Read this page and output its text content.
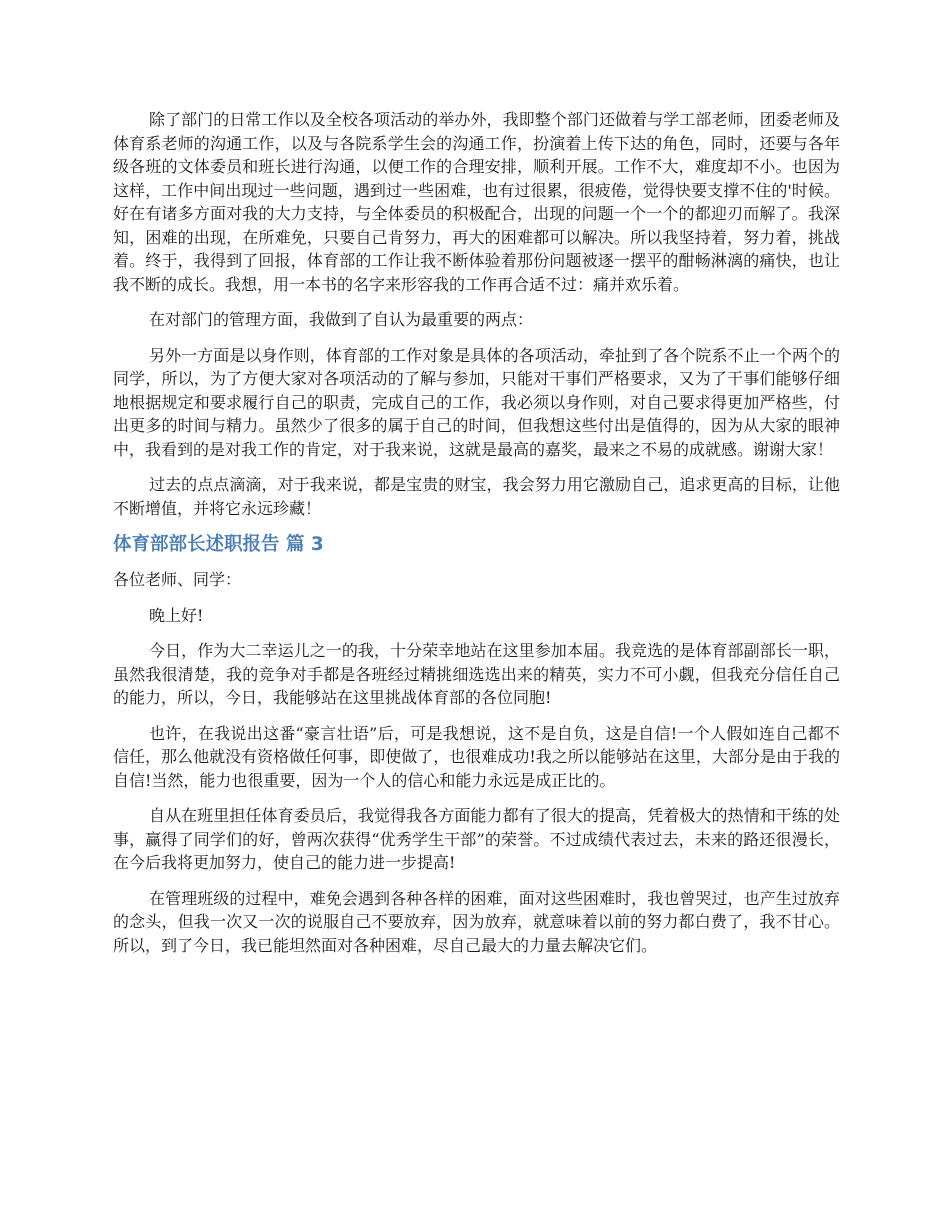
除了部门的日常工作以及全校各项活动的举办外，我即整个部门还做着与学工部老师，团委老师及体育系老师的沟通工作，以及与各院系学生会的沟通工作，扮演着上传下达的角色，同时，还要与各年级各班的文体委员和班长进行沟通，以便工作的合理安排，顺利开展。工作不大，难度却不小。也因为这样，工作中间出现过一些问题，遇到过一些困难，也有过很累，很疲倦，觉得快要支撑不住的'时候。好在有诸多方面对我的大力支持，与全体委员的积极配合，出现的问题一个一个的都迎刃而解了。我深知，困难的出现，在所难免，只要自己肯努力，再大的困难都可以解决。所以我坚持着，努力着，挑战着。终于，我得到了回报，体育部的工作让我不断体验着那份问题被逐一摆平的酣畅淋漓的痛快，也让我不断的成长。我想，用一本书的名字来形容我的工作再合适不过：痛并欢乐着。

在对部门的管理方面，我做到了自认为最重要的两点：

另外一方面是以身作则，体育部的工作对象是具体的各项活动，牵扯到了各个院系不止一个两个的同学，所以，为了方便大家对各项活动的了解与参加，只能对干事们严格要求，又为了干事们能够仔细地根据规定和要求履行自己的职责，完成自己的工作，我必须以身作则，对自己要求得更加严格些，付出更多的时间与精力。虽然少了很多的属于自己的时间，但我想这些付出是值得的，因为从大家的眼神中，我看到的是对我工作的肯定，对于我来说，这就是最高的嘉奖，最来之不易的成就感。谢谢大家！

过去的点点滴滴，对于我来说，都是宝贵的财宝，我会努力用它激励自己，追求更高的目标，让他不断增值，并将它永远珍藏！

体育部部长述职报告 篇 3

各位老师、同学：

晚上好!

今日，作为大二幸运儿之一的我，十分荣幸地站在这里参加本届。我竞选的是体育部副部长一职，虽然我很清楚，我的竞争对手都是各班经过精挑细选选出来的精英，实力不可小觑，但我充分信任自己的能力，所以，今日，我能够站在这里挑战体育部的各位同胞!

也许，在我说出这番“豪言壮语”后，可是我想说，这不是自负，这是自信!一个人假如连自己都不信任，那么他就没有资格做任何事，即使做了，也很难成功!我之所以能够站在这里，大部分是由于我的自信!当然，能力也很重要，因为一个人的信心和能力永远是成正比的。

自从在班里担任体育委员后，我觉得我各方面能力都有了很大的提高，凭着极大的热情和干练的处事，赢得了同学们的好，曾两次获得“优秀学生干部”的荣誉。不过成绩代表过去，未来的路还很漫长，在今后我将更加努力，使自己的能力进一步提高!

在管理班级的过程中，难免会遇到各种各样的困难，面对这些困难时，我也曾哭过，也产生过放弃的念头，但我一次又一次的说服自己不要放弃，因为放弃，就意味着以前的努力都白费了，我不甘心。所以，到了今日，我已能坦然面对各种困难，尽自己最大的力量去解决它们。
